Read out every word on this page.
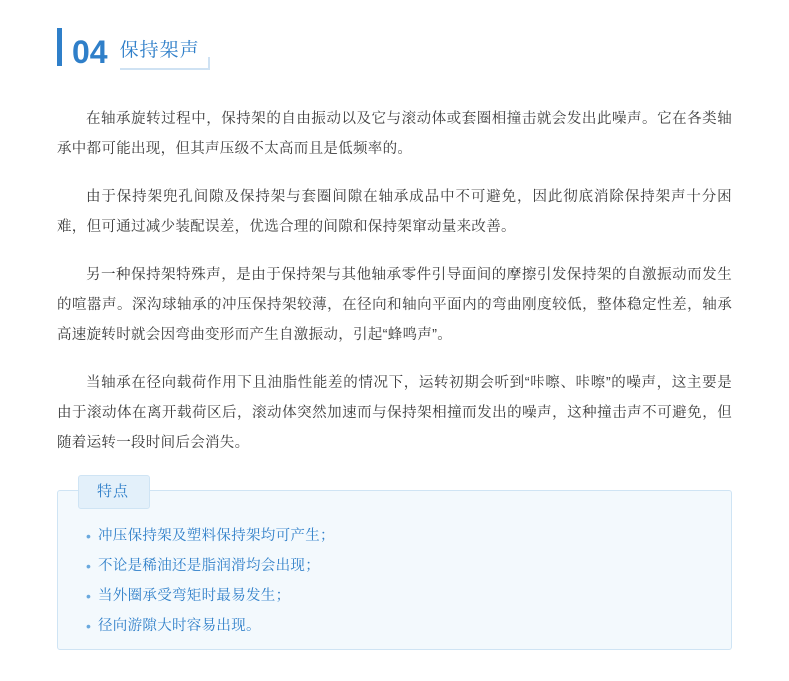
04 保持架声

在轴承旋转过程中，保持架的自由振动以及它与滚动体或套圈相撞击就会发出此噪声。它在各类轴承中都可能出现，但其声压级不太高而且是低频率的。

由于保持架兜孔间隙及保持架与套圈间隙在轴承成品中不可避免，因此彻底消除保持架声十分困难，但可通过减少装配误差，优选合理的间隙和保持架窜动量来改善。

另一种保持架特殊声，是由于保持架与其他轴承零件引导面间的摩擦引发保持架的自激振动而发生的喧嚣声。深沟球轴承的冲压保持架较薄，在径向和轴向平面内的弯曲刚度较低，整体稳定性差，轴承高速旋转时就会因弯曲变形而产生自激振动，引起“蜂鸣声”。

当轴承在径向载荷作用下且油脂性能差的情况下，运转初期会听到“咔嚓、咔嚓”的噪声，这主要是由于滚动体在离开载荷区后，滚动体突然加速而与保持架相撞而发出的噪声，这种撞击声不可避免，但随着运转一段时间后会消失。

特点
• 冲压保持架及塑料保持架均可产生；
• 不论是稀油还是脂润滑均会出现；
• 当外圈承受弯矩时最易发生；
• 径向游隙大时容易出现。
